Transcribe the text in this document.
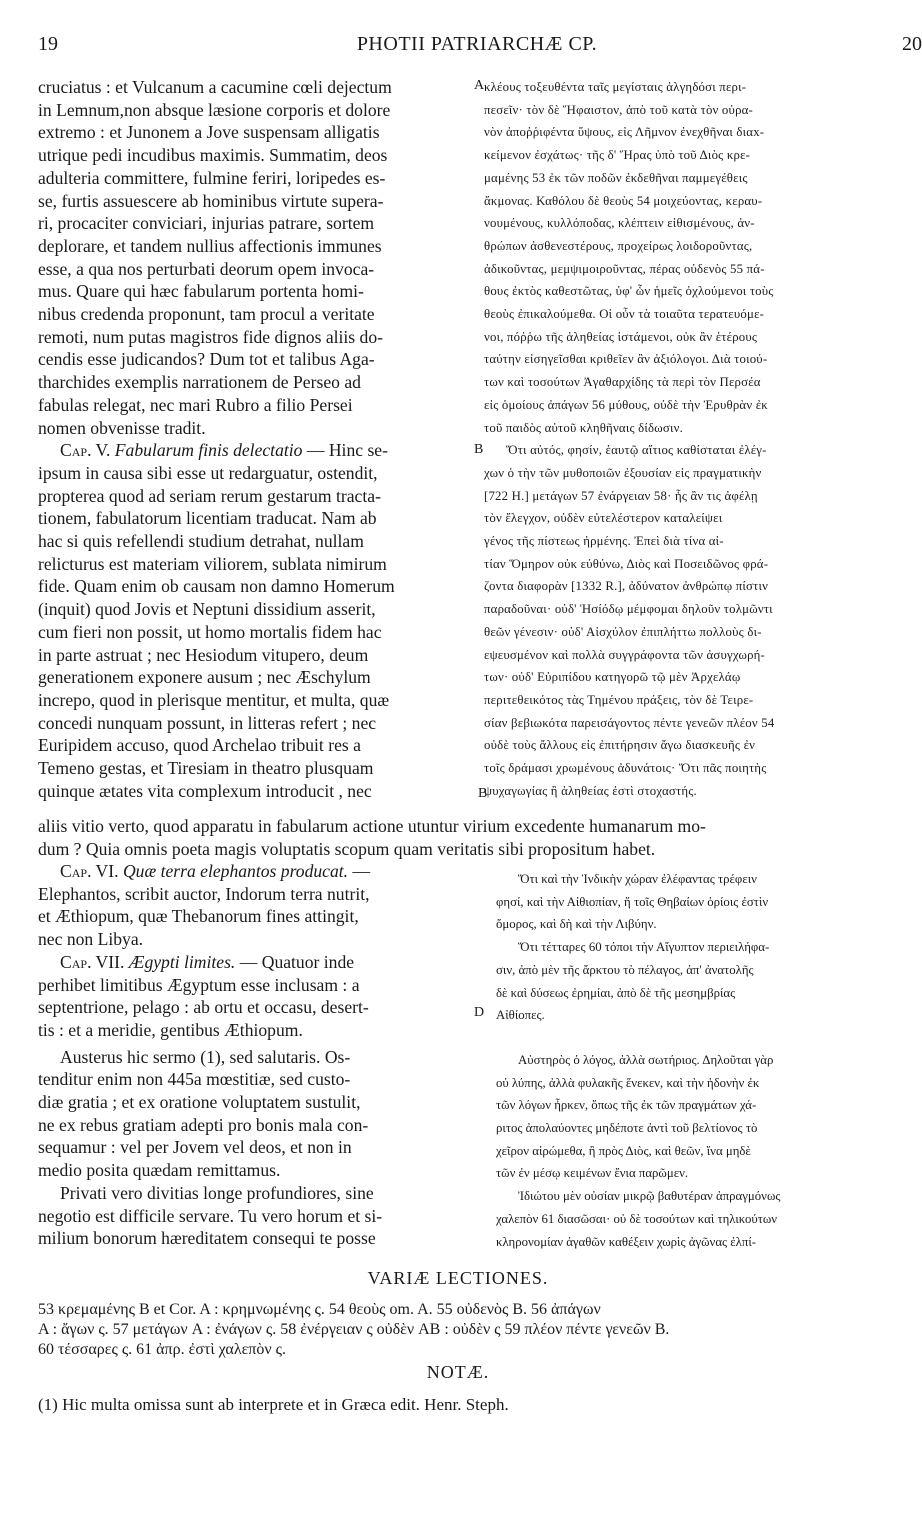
19	PHOTII PATRIARCHÆ CP.	20
cruciatus : et Vulcanum a cacumine cœli dejectum
in Lemnum,non absque læsione corporis et dolore
extremo : et Junonem a Jove suspensam alligatis
utrique pedi incudibus maximis. Summatim, deos
adulteria committere, fulmine feriri, loripedes es-
se, furtis assuescere ab hominibus virtute supera-
ri, procaciter conviciari, injurias patrare, sortem
deplorare, et tandem nullius affectionis immunes
esse, a qua nos perturbati deorum opem invoca-
mus. Quare qui hæc fabularum portenta homi-
nibus credenda proponunt, tam procul a veritate
remoti, num putas magistros fide dignos aliis do-
cendis esse judicandos? Dum tot et talibus Aga-
tharchides exemplis narrationem de Perseo ad
fabulas relegat, nec mari Rubro a filio Persei
nomen obvenisse tradit.
Cap. V. Fabularum finis delectatio — Hinc se-
ipsum in causa sibi esse ut redarguatur, ostendit,
propterea quod ad seriam rerum gestarum tracta-
tionem, fabulatorum licentiam traducat. Nam ab
hac si quis refellendi studium detrahat, nullam
relicturus est materiam viliorem, sublata nimirum
fide. Quam enim ob causam non damno Homerum
(inquit) quod Jovis et Neptuni dissidium asserit,
cum fieri non possit, ut homo mortalis fidem hac
in parte astruat ; nec Hesiodum vitupero, deum
generationem exponere ausum ; nec Æschylum
increpo, quod in plerisque mentitur, et multa, quæ
concedi nunquam possunt, in litteras refert ; nec
Euripidem accuso, quod Archelao tribuit res a
Temeno gestas, et Tiresiam in theatro plusquam
quinque ætates vita complexum introducit , nec
A
B
B
D
κλέους τοξευθέντα ταῖς μεγίσταις ἀλγηδόσι περι-
πεσεῖν· τὸν δὲ Ἥφαιστον, ἀπὸ τοῦ κατὰ τὸν οὐρα-
νὸν ἀποῤῥιφέντα ὕψους, εἰς Λῆμνον ἐνεχθῆναι διαx-
κείμενον ἐσχάτως· τῆς δ' Ἥρας ὑπὸ τοῦ Διὸς κρε-
μαμένης 53 ἐκ τῶν ποδῶν ἐκδεθῆναι παμμεγέθεις
ἄκμονας. Καθόλου δὲ θεοὺς 54 μοιχεύοντας, κεραυ-
νουμένους, κυλλόποδας, κλέπτειν εἰθισμένους, ἀν-
θρώπων ἀσθενεστέρους, προχείρως λοιδοροῦντας,
ἀδικοῦντας, μεμψιμοιροῦντας, πέρας οὐδενὸς 55 πά-
θους ἐκτὸς καθεστῶτας, ὑφ' ὧν ἡμεῖς ὀχλούμενοι τοὺς
θεοὺς ἐπικαλούμεθα. Οἱ οὖν τὰ τοιαῦτα τερατευόμε-
νοι, πόῤῥω τῆς ἀληθείας ἱστάμενοι, οὐκ ἂν ἑτέρους
ταύτην εἰσηγεῖσθαι κριθεῖεν ἂν ἀξιόλογοι. Διὰ τοιού-
των καὶ τοσούτων Ἀγαθαρχίδης τὰ περὶ τὸν Περσέα
εἰς ὁμοίους ἀπάγων 56 μύθους, οὐδὲ τὴν Ἐρυθρὰν ἐκ
τοῦ παιδὸς αὐτοῦ κληθῆναις δίδωσιν.
Ὅτι αὐτός, φησίν, ἑαυτῷ αἴτιος καθίσταται ἐλέγ-
χων ὁ τὴν τῶν μυθοποιῶν ἐξουσίαν εἰς πραγματικὴν
[722 H.] μετάγων 57 ἐνάργειαν 58· ἧς ἂν τις ἀφέλῃ
τὸν ἔλεγχον, οὐδὲν εὐτελέστερον καταλείψει
γένος τῆς πίστεως ἠρμένης. Ἐπεὶ διὰ τίνα αἰ-
τίαν Ὅμηρον οὐκ εὐθύνω, Διὸς καὶ Ποσειδῶνος φρά-
ζοντα διαφορὰν [1332 R.], ἀδύνατον ἀνθρώπῳ πίστιν
παραδοῦναι· οὐδ' Ἡσίόδῳ μέμφομαι δηλοῦν τολμῶντι
θεῶν γένεσιν· οὐδ' Αἰσχύλον ἐπιπλήττω πολλοὺς δι-
εψευσμένον καὶ πολλὰ συγγράφοντα τῶν ἀσυγχωρή-
των· οὐδ' Εὐριπίδου κατηγορῶ τῷ μὲν Ἀρχελάῳ
περιτεθεικότος τὰς Τημένου πράξεις, τὸν δὲ Τειρε-
σίαν βεβιωκότα παρεισάγοντος πέντε γενεῶν πλέον 54
οὐδὲ τοὺς ἄλλους εἰς ἐπιτήρησιν ἄγω διασκευῆς ἐν
τοῖς δράμασι χρωμένους ἀδυνάτοις· Ὅτι πᾶς ποιητὴς
ψυχαγωγίας ἢ ἀληθείας ἐστὶ στοχαστής.
aliis vitio verto, quod apparatu in fabularum actione utuntur virium excedente humanarum mo-
dum ? Quia omnis poeta magis voluptatis scopum quam veritatis sibi propositum habet.
Cap. VI. Quæ terra elephantos producat. —
Elephantos, scribit auctor, Indorum terra nutrit,
et Æthiopum, quæ Thebanorum fines attingit,
nec non Libya.
Cap. VII. Ægypti limites. — Quatuor inde
perhibet limitibus Ægyptum esse inclusam : a
septentrione, pelago : ab ortu et occasu, desert-
tis : et a meridie, gentibus Æthiopum.
Austerus hic sermo (1), sed salutaris. Os-
tenditur enim non 445a mœstitiæ, sed custo-
diæ gratia ; et ex oratione voluptatem sustulit,
ne ex rebus gratiam adepti pro bonis mala con-
sequamur : vel per Jovem vel deos, et non in
medio posita quædam remittamus.
Privati vero divitias longe profundiores, sine
negotio est difficile servare. Tu vero horum et si-
milium bonorum hæreditatem consequi te posse
Ὅτι καὶ τὴν Ἰνδικὴν χώραν ἐλέφαντας τρέφειν
φησί, καὶ τὴν Αἰθιοπίαν, ἥ τοῖς Θηβαίων ὁρίοις ἐστὶν
ὅμορος, καὶ δὴ καὶ τὴν Λιβύην.
Ὅτι τέτταρες 60 τόποι τὴν Αἴγυπτον περιειλήφα-
σιν, ἀπὸ μὲν τῆς ἄρκτου τὸ πέλαγος, ἀπ' ἀνατολῆς
δὲ καὶ δύσεως ἐρημίαι, ἀπὸ δὲ τῆς μεσημβρίας
Αἰθίοπες.
Αὐστηρὸς ὁ λόγος, ἀλλὰ σωτήριος. Δηλοῦται γὰρ
οὐ λύπης, ἀλλὰ φυλακῆς ἕνεκεν, καὶ τὴν ἡδονὴν ἐκ
τῶν λόγων ἦρκεν, ὅπως τῆς ἐκ τῶν πραγμάτων χά-
ριτος ἀπολαύοντες μηδέποτε ἀντὶ τοῦ βελτίονος τὸ
χεῖρον αἱρώμεθα, ἢ πρὸς Διὸς, καὶ θεῶν, ἵνα μηδὲ
τῶν ἐν μέσῳ κειμένων ἔνια παρῶμεν.
Ἰδιώτου μὲν οὐσίαν μικρῷ βαθυτέραν ἀπραγμόνως
χαλεπὸν 61 διασῶσαι· οὐ δὲ τοσούτων καὶ τηλικούτων
κληρονομίαν ἀγαθῶν καθέξειν χωρὶς ἀγῶνας ἐλπί-
VARIÆ LECTIONES.
53 κρεμαμένης B et Cor. A : κρημνωμένης ς. 54 θεοὺς om. A. 55 οὐδενὸς B. 56 ἀπάγων
A : ἄγων ς. 57 μετάγων A : ἐνάγων ς. 58 ἐνέργειαν ς οὐδὲν AB : οὐδὲν ς 59 πλέον πέντε γενεῶν B.
60 τέσσαρες ς. 61 ἀπρ. ἐστὶ χαλεπὸν ς.
NOTÆ.
(1) Hic multa omissa sunt ab interprete et in Græca edit. Henr. Steph.
